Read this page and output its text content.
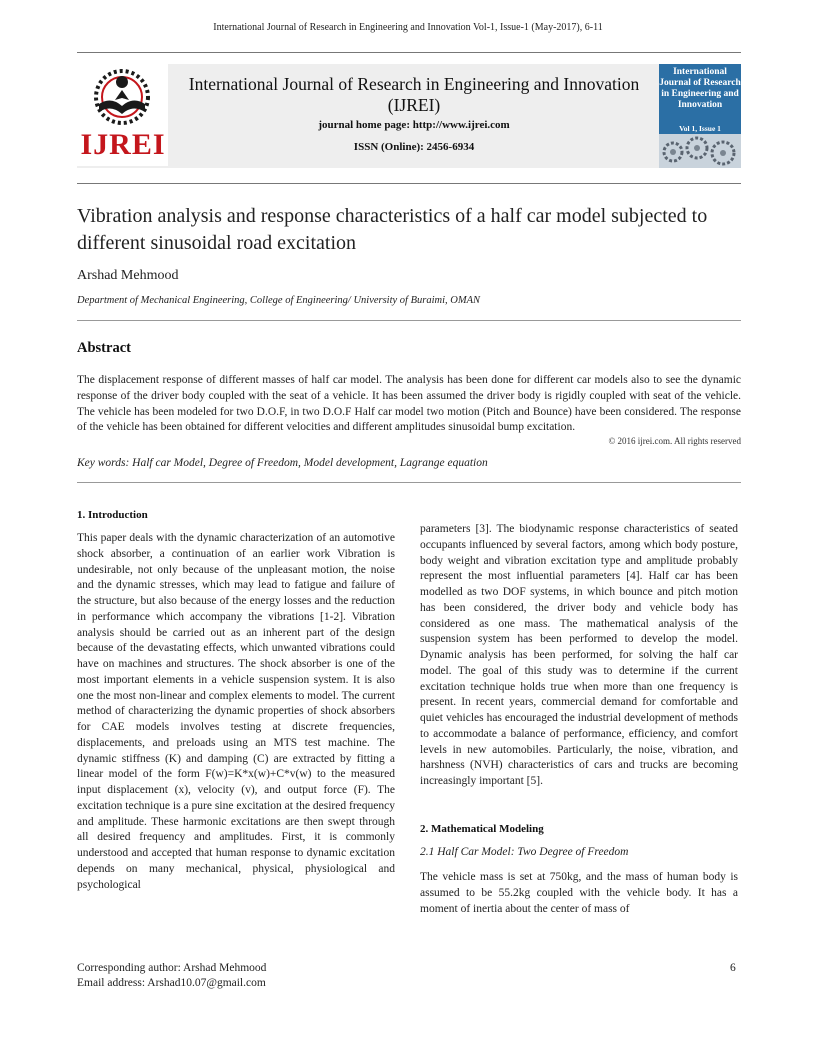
International Journal of Research in Engineering and Innovation Vol-1, Issue-1 (May-2017), 6-11
IJREI
International Journal of Research in Engineering and Innovation (IJREI)
journal home page: http://www.ijrei.com
ISSN (Online): 2456-6934
International Journal of Research in Engineering and Innovation
Vol 1, Issue 1
Vibration analysis and response characteristics of a half car model subjected to different sinusoidal road excitation
Arshad Mehmood
Department of Mechanical Engineering, College of Engineering/ University of Buraimi, OMAN
Abstract
The displacement response of different masses of half car model. The analysis has been done for different car models also to see the dynamic response of the driver body coupled with the seat of a vehicle. It has been assumed the driver body is rigidly coupled with seat of the vehicle. The vehicle has been modeled for two D.O.F, in two D.O.F Half car model two motion (Pitch and Bounce) have been considered. The response of the vehicle has been obtained for different velocities and different amplitudes sinusoidal bump excitation.
© 2016 ijrei.com. All rights reserved
Key words: Half car Model, Degree of Freedom, Model development, Lagrange equation
1. Introduction

This paper deals with the dynamic characterization of an automotive shock absorber, a continuation of an earlier work Vibration is undesirable, not only because of the unpleasant motion, the noise and the dynamic stresses, which may lead to fatigue and failure of the structure, but also because of the energy losses and the reduction in performance which accompany the vibrations [1-2]. Vibration analysis should be carried out as an inherent part of the design because of the devastating effects, which unwanted vibrations could have on machines and structures. The shock absorber is one of the most important elements in a vehicle suspension system. It is also one the most non-linear and complex elements to model. The current method of characterizing the dynamic properties of shock absorbers for CAE models involves testing at discrete frequencies, displacements, and preloads using an MTS test machine. The dynamic stiffness (K) and damping (C) are extracted by fitting a linear model of the form F(w)=K*x(w)+C*v(w) to the measured input displacement (x), velocity (v), and output force (F). The excitation technique is a pure sine excitation at the desired frequency and amplitude. These harmonic excitations are then swept through all desired frequency and amplitudes. First, it is commonly understood and accepted that human response to dynamic excitation depends on many mechanical, physical, physiological and psychological

parameters [3]. The biodynamic response characteristics of seated occupants influenced by several factors, among which body posture, body weight and vibration excitation type and amplitude probably represent the most influential parameters [4]. Half car has been modelled as two DOF systems, in which bounce and pitch motion has been considered, the driver body and vehicle body has considered as one mass. The mathematical analysis of the suspension system has been performed to develop the model. Dynamic analysis has been performed, for solving the half car model. The goal of this study was to determine if the current excitation technique holds true when more than one frequency is present. In recent years, commercial demand for comfortable and quiet vehicles has encouraged the industrial development of methods to accommodate a balance of performance, efficiency, and comfort levels in new automobiles. Particularly, the noise, vibration, and harshness (NVH) characteristics of cars and trucks are becoming increasingly important [5].

2. Mathematical Modeling
2.1 Half Car Model: Two Degree of Freedom

The vehicle mass is set at 750kg, and the mass of human body is assumed to be 55.2kg coupled with the vehicle body. It has a moment of inertia about the center of mass of

Corresponding author: Arshad Mehmood
Email address: Arshad10.07@gmail.com
6
